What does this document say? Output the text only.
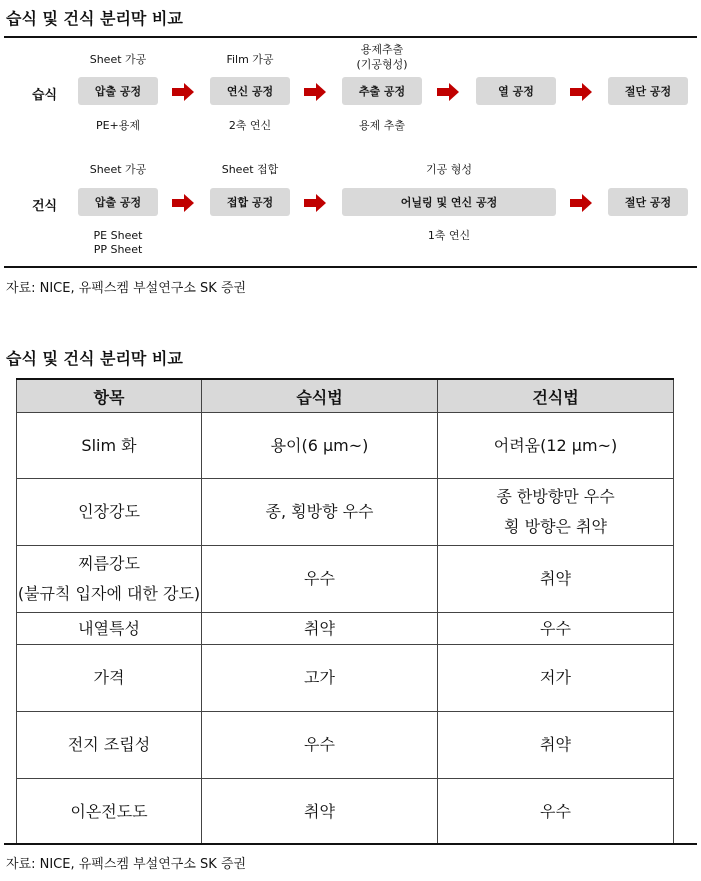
습식 및 건식 분리막 비교
습식
Sheet 가공	Film 가공
용제추출
(기공형성)
압출 공정	연신 공정	추출 공정	열 공정	절단 공정
PE+용제	2축 연신	용제 추출
건식
Sheet 가공	Sheet 접합	기공 형성
압출 공정	접합 공정	어닐링 및 연신 공정	절단 공정
PE Sheet
PP Sheet
1축 연신
자료: NICE, 유펙스켐 부설연구소 SK 증권
습식 및 건식 분리막 비교
항목	습식법	건식법

Slim 화	용이(6 μm~)	어려움(12 μm~)

인장강도	종, 횡방향 우수	종 한방향만 우수
횡 방향은 취약

찌름강도
(불규칙 입자에 대한 강도)	우수	취약

내열특성	취약	우수

가격	고가	저가

전지 조립성	우수	취약

이온전도도	취약	우수
자료: NICE, 유펙스켐 부설연구소 SK 증권
